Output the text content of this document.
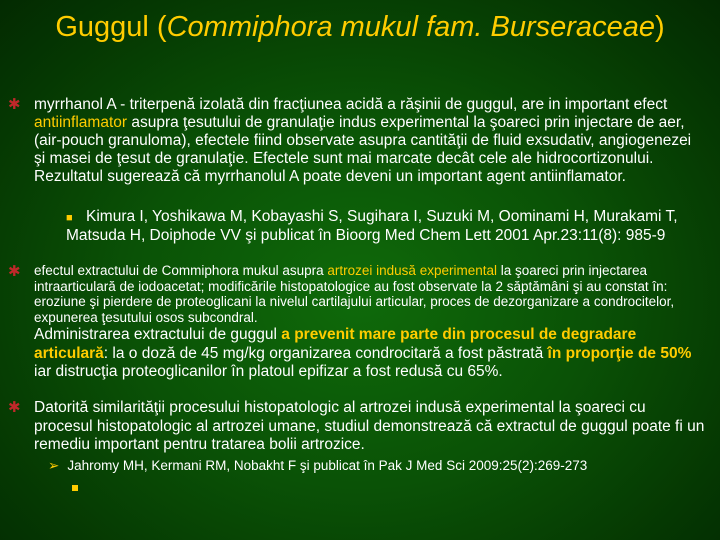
Guggul (Commiphora mukul fam. Burseraceae)
✱ myrrhanol A - triterpenă izolată din fracţiunea acidă a răşinii de guggul, are in important efect antiinflamator asupra ţesutului de granulaţie indus experimental la şoareci prin injectare de aer, (air-pouch granuloma), efectele fiind observate asupra cantităţii de fluid exsudativ, angiogenezei şi masei de ţesut de granulaţie. Efectele sunt mai marcate decât cele ale hidrocortizonului. Rezultatul sugerează că myrrhanolul A poate deveni un important agent antiinflamator.
■ Kimura I, Yoshikawa M, Kobayashi S, Sugihara I, Suzuki M, Oominami H, Murakami T, Matsuda H, Doiphode VV şi publicat în Bioorg Med Chem Lett 2001 Apr.23:11(8): 985-9
✱ efectul extractului de Commiphora mukul asupra artrozei indusă experimental la şoareci prin injectarea intraarticulară de iodoacetat; modificările histopatologice au fost observate la 2 săptămâni şi au constat în: eroziune şi pierdere de proteoglicani la nivelul cartilajului articular, proces de dezorganizare a condrocitelor, expunerea ţesutului osos subcondral.
Administrarea extractului de guggul a prevenit mare parte din procesul de degradare articulară: la o doză de 45 mg/kg organizarea condrocitară a fost păstrată în proporţie de 50% iar distrucţia proteoglicanilor în platoul epifizar a fost redusă cu 65%.
✱ Datorită similarităţii procesului histopatologic al artrozei indusă experimental la şoareci cu procesul histopatologic al artrozei umane, studiul demonstrează că extractul de guggul poate fi un remediu important pentru tratarea bolii artrozice.
➢ Jahromy MH, Kermani RM, Nobakht F şi publicat în Pak J Med Sci 2009:25(2):269-273
